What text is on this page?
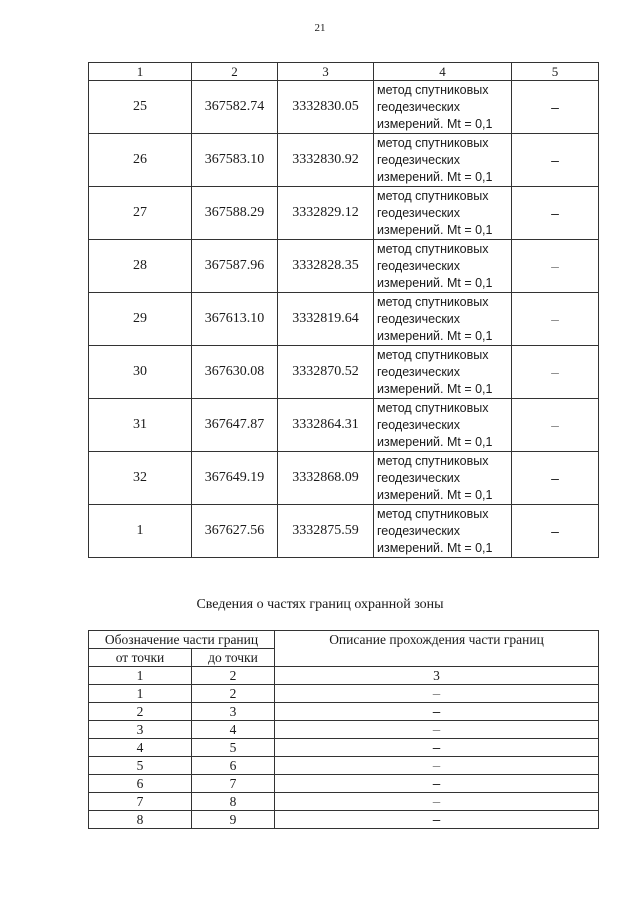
21
1	2	3	4	5
25	367582.74	3332830.05	метод спутниковых
геодезических
измерений. Mt = 0,1	–
26	367583.10	3332830.92	метод спутниковых
геодезических
измерений. Mt = 0,1	–
27	367588.29	3332829.12	метод спутниковых
геодезических
измерений. Mt = 0,1	–
28	367587.96	3332828.35	метод спутниковых
геодезических
измерений. Mt = 0,1	–
29	367613.10	3332819.64	метод спутниковых
геодезических
измерений. Mt = 0,1	–
30	367630.08	3332870.52	метод спутниковых
геодезических
измерений. Mt = 0,1	–
31	367647.87	3332864.31	метод спутниковых
геодезических
измерений. Mt = 0,1	–
32	367649.19	3332868.09	метод спутниковых
геодезических
измерений. Mt = 0,1	–
1	367627.56	3332875.59	метод спутниковых
геодезических
измерений. Mt = 0,1	–
Сведения о частях границ охранной зоны
Обозначение части границ		Описание прохождения части границ
от точки	до точки	
1	2	3
1	2	–
2	3	–
3	4	–
4	5	–
5	6	–
6	7	–
7	8	–
8	9	–
